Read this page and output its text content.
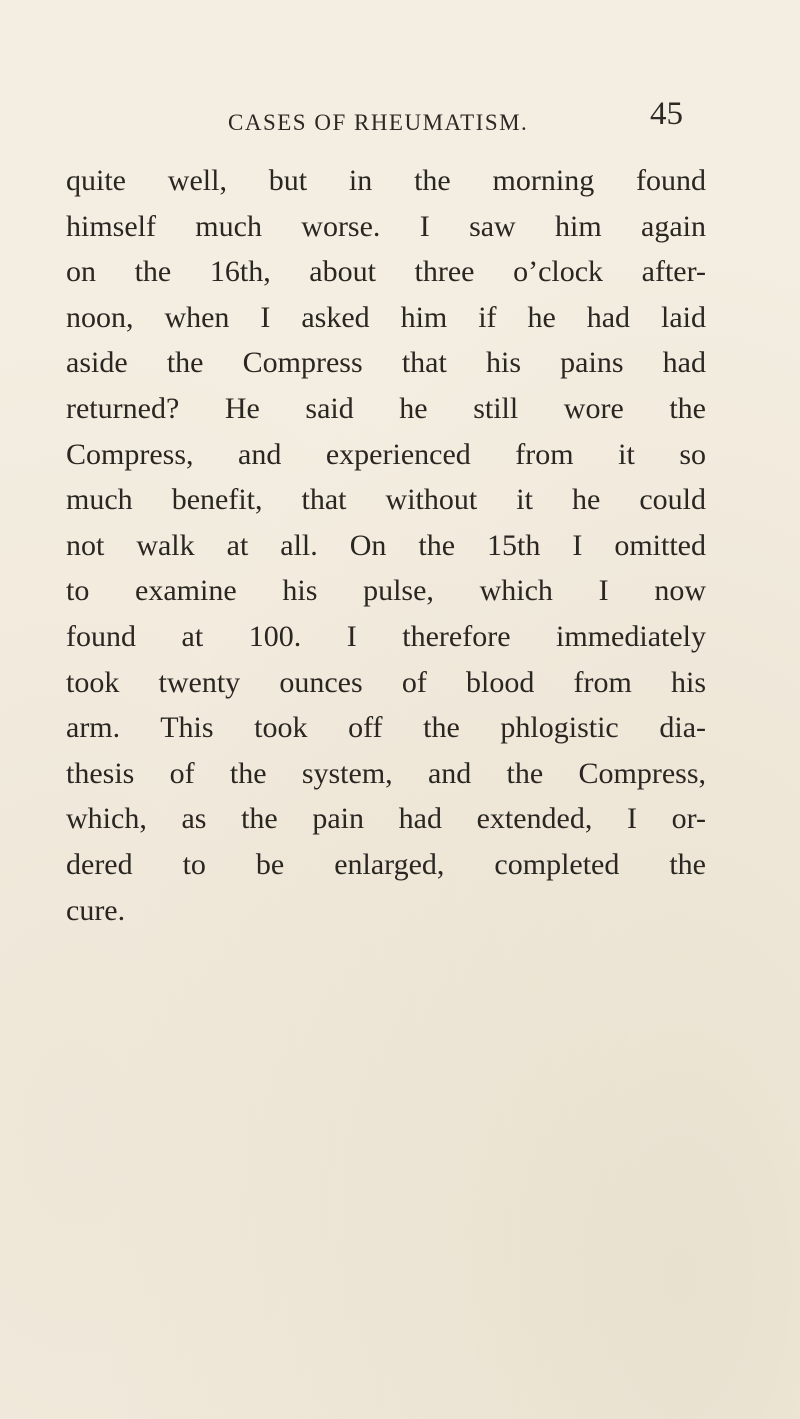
CASES OF RHEUMATISM.	45
quite well, but in the morning found
himself much worse. I saw him again
on the 16th, about three o’clock after-
noon, when I asked him if he had laid
aside the Compress that his pains had
returned? He said he still wore the
Compress, and experienced from it so
much benefit, that without it he could
not walk at all. On the 15th I omitted
to examine his pulse, which I now
found at 100. I therefore immediately
took twenty ounces of blood from his
arm. This took off the phlogistic dia-
thesis of the system, and the Compress,
which, as the pain had extended, I or-
dered to be enlarged, completed the
cure.
